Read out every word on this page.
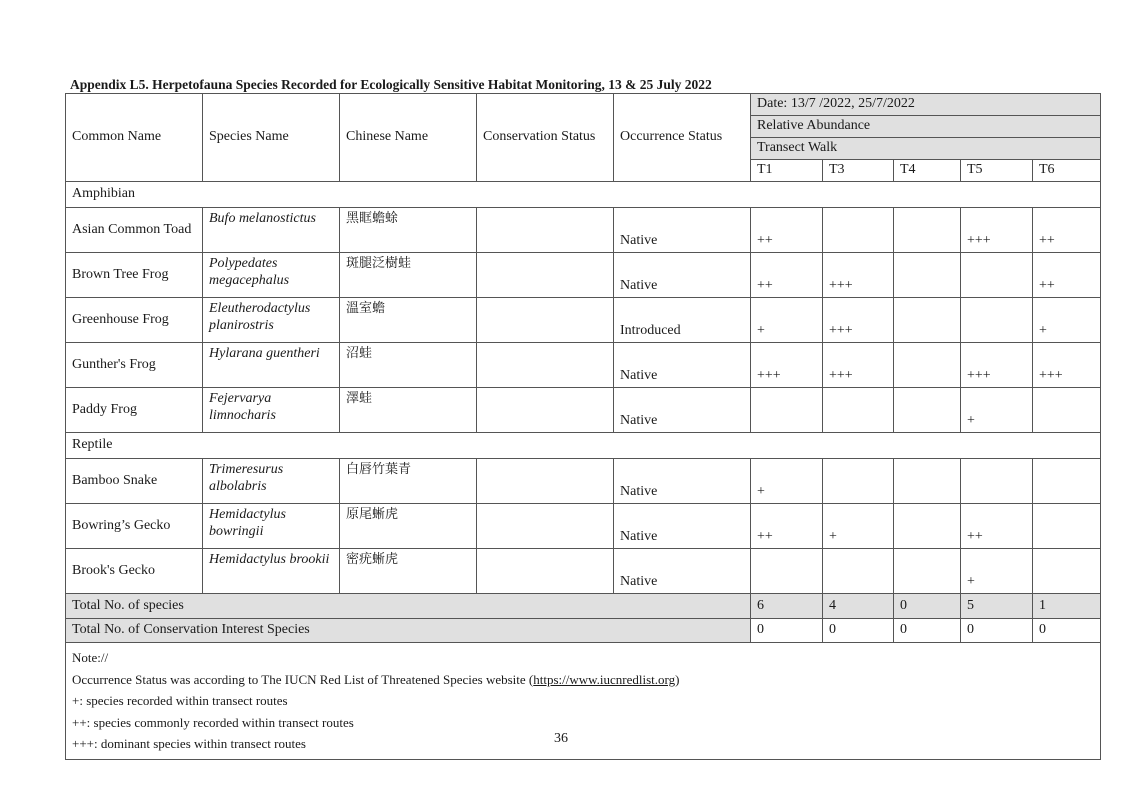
Appendix L5. Herpetofauna Species Recorded for Ecologically Sensitive Habitat Monitoring, 13 & 25 July 2022
Common Name	Species Name	Chinese Name	Conservation Status	Occurrence Status	Date: 13/7 /2022, 25/7/2022				
					Relative Abundance				
					Transect Walk				
					T1	T3	T4	T5	T6
Amphibian									
Asian Common Toad	Bufo melanostictus	黑眶蟾蜍		Native	++			+++	++
Brown Tree Frog	Polypedates megacephalus	斑腿泛樹蛙		Native	++	+++			++
Greenhouse Frog	Eleutherodactylus planirostris	溫室蟾		Introduced	+	+++			+
Gunther's Frog	Hylarana guentheri	沼蛙		Native	+++	+++		+++	+++
Paddy Frog	Fejervarya limnocharis	澤蛙		Native				+	
Reptile									
Bamboo Snake	Trimeresurus albolabris	白唇竹葉青		Native	+				
Bowring’s Gecko	Hemidactylus bowringii	原尾蜥虎		Native	++	+		++	
Brook's Gecko	Hemidactylus brookii	密疣蜥虎		Native				+	
Total No. of species					6	4	0	5	1
Total No. of Conservation Interest Species					0	0	0	0	0

Note://
Occurrence Status was according to The IUCN Red List of Threatened Species website (https://www.iucnredlist.org)
+: species recorded within transect routes
++: species commonly recorded within transect routes
+++: dominant species within transect routes										36
